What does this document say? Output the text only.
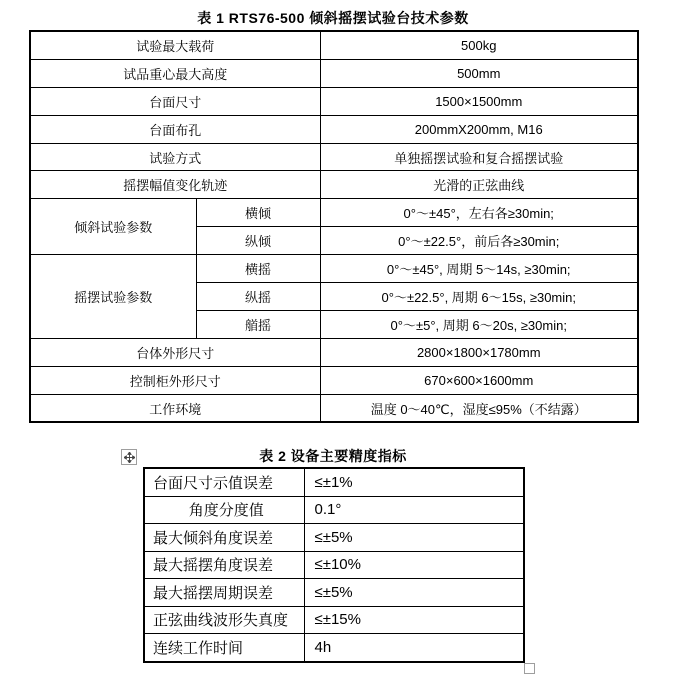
表 1 RTS76-500 倾斜摇摆试验台技术参数
试验最大载荷		500kg
试品重心最大高度		500mm
台面尺寸		1500×1500mm
台面布孔		200mmX200mm, M16
试验方式		单独摇摆试验和复合摇摆试验
摇摆幅值变化轨迹		光滑的正弦曲线
倾斜试验参数	横倾	0°～±45°，左右各≥30min;
	纵倾	0°～±22.5°，前后各≥30min;
摇摆试验参数	横摇	0°～±45°, 周期 5～14s, ≥30min;
	纵摇	0°～±22.5°, 周期 6～15s, ≥30min;
	艏摇	0°～±5°, 周期 6～20s, ≥30min;
台体外形尺寸		2800×1800×1780mm
控制柜外形尺寸		670×600×1600mm
工作环境		温度 0～40℃，湿度≤95%（不结露）
表 2 设备主要精度指标
台面尺寸示值误差	≤±1%
角度分度值	0.1°
最大倾斜角度误差	≤±5%
最大摇摆角度误差	≤±10%
最大摇摆周期误差	≤±5%
正弦曲线波形失真度	≤±15%
连续工作时间	4h
